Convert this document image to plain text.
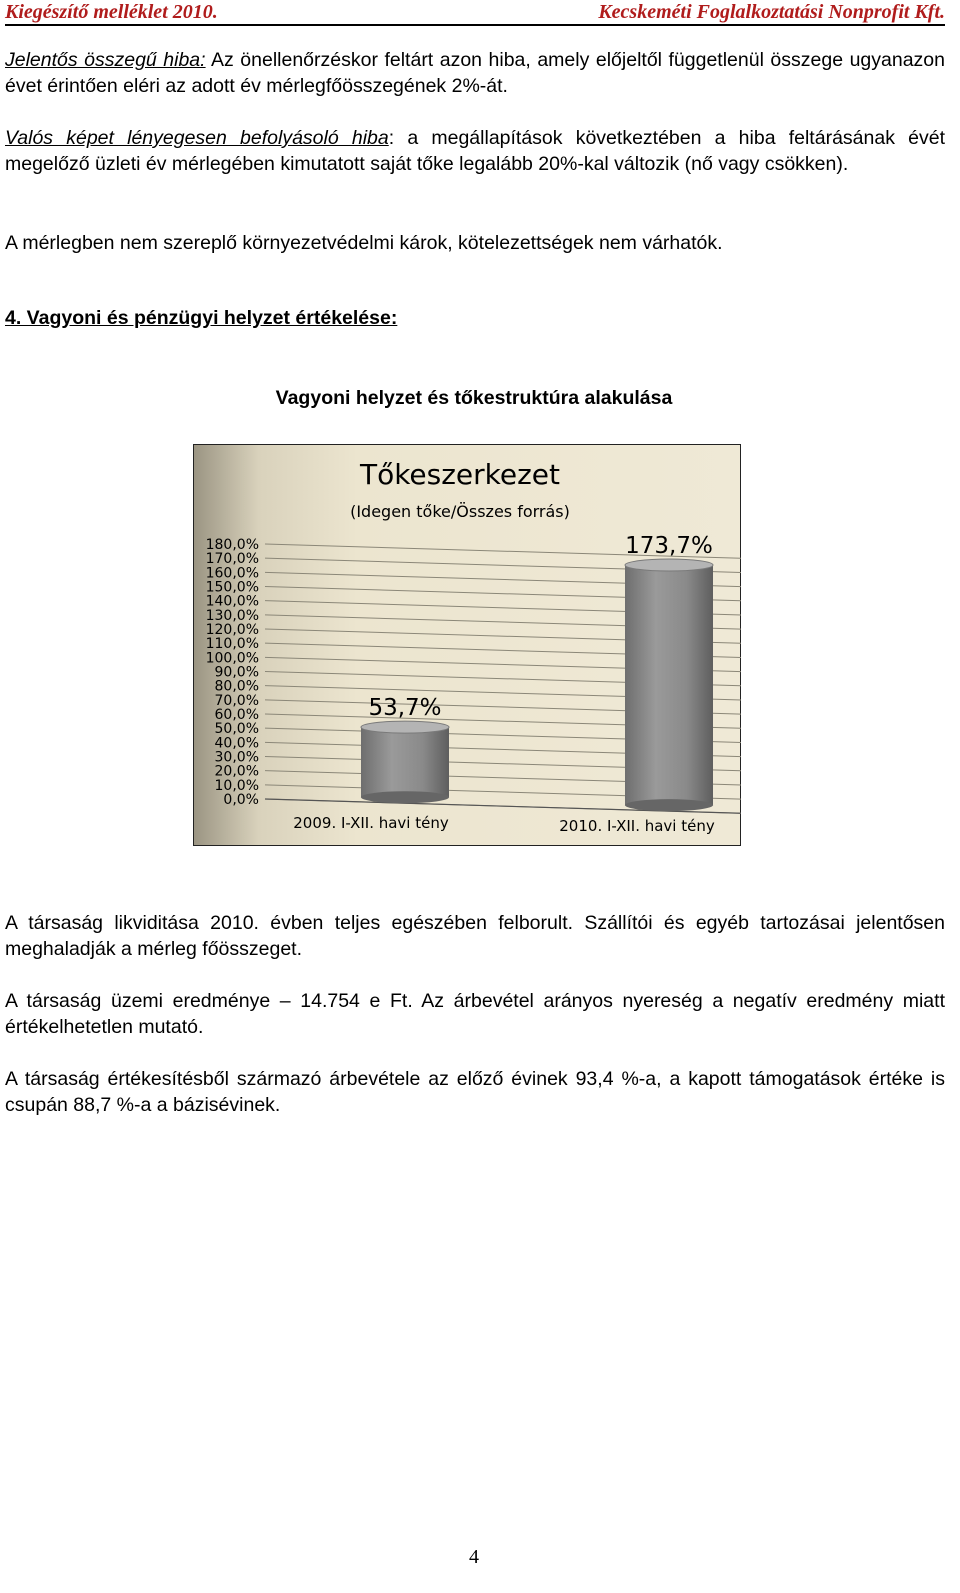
Kiegészítő melléklet 2010.	Kecskeméti Foglalkoztatási Nonprofit Kft.
Jelentős összegű hiba: Az önellenőrzéskor feltárt azon hiba, amely előjeltől függetlenül összege ugyanazon évet érintően eléri az adott év mérlegfőösszegének 2%-át.
Valós képet lényegesen befolyásoló hiba: a megállapítások következtében a hiba feltárásának évét megelőző üzleti év mérlegében kimutatott saját tőke legalább 20%-kal változik (nő vagy csökken).
A mérlegben nem szereplő környezetvédelmi károk, kötelezettségek nem várhatók.
4. Vagyoni és pénzügyi helyzet értékelése:
Vagyoni helyzet és tőkestruktúra alakulása
Tőkeszerkezet
(Idegen tőke/Összes forrás)
0,0%
10,0%
20,0%
30,0%
40,0%
50,0%
60,0%
70,0%
80,0%
90,0%
100,0%
110,0%
120,0%
130,0%
140,0%
150,0%
160,0%
170,0%
180,0%
53,7%
173,7%
2009. I-XII. havi tény	2010. I-XII. havi tény
A társaság likviditása 2010. évben teljes egészében felborult. Szállítói és egyéb tartozásai jelentősen meghaladják a mérleg főösszeget.
A társaság üzemi eredménye – 14.754 e Ft. Az árbevétel arányos nyereség a negatív eredmény miatt értékelhetetlen mutató.
A társaság értékesítésből származó árbevétele az előző évinek 93,4 %-a, a kapott támogatások értéke is csupán 88,7 %-a a bázisévinek.
4
